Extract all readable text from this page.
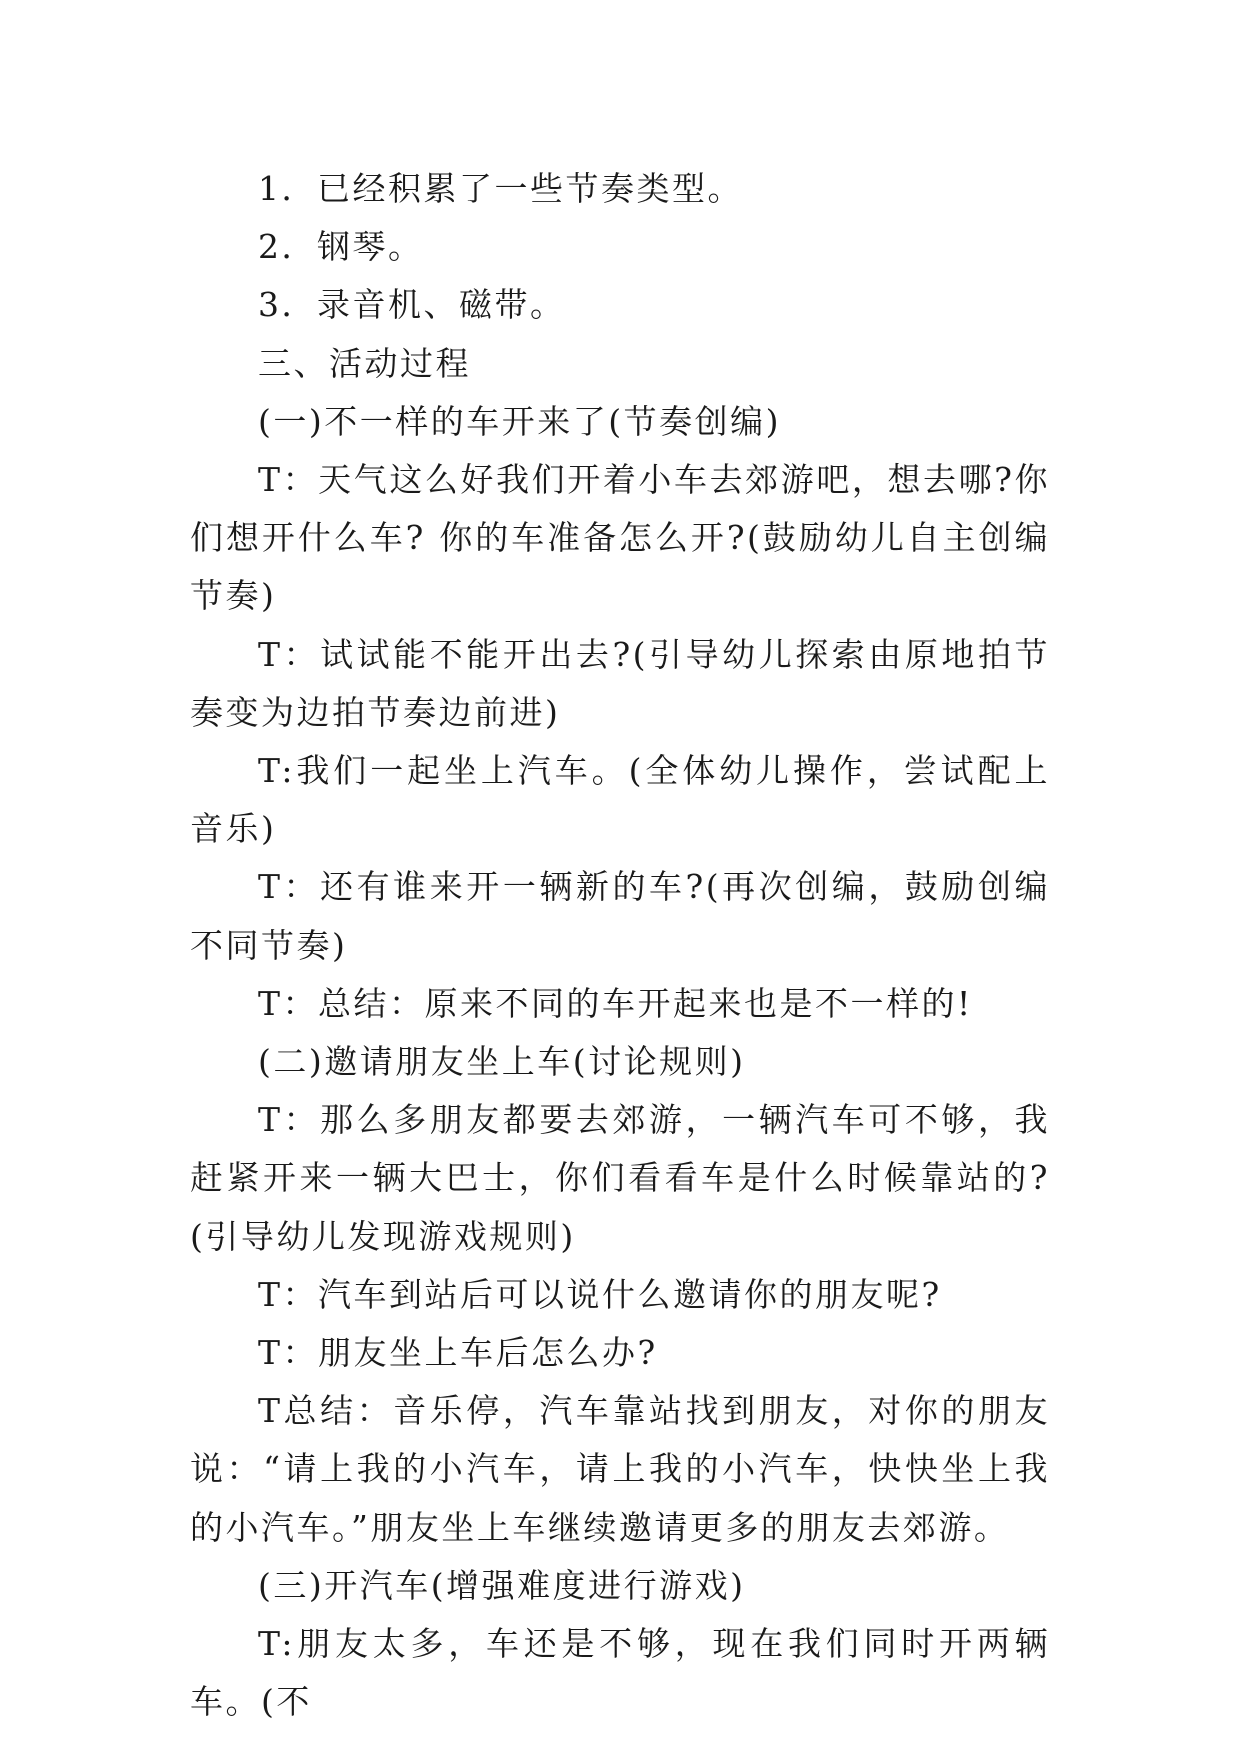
1．已经积累了一些节奏类型。

2．钢琴。

3．录音机、磁带。

三、活动过程

(一)不一样的车开来了(节奏创编)

T：天气这么好我们开着小车去郊游吧，想去哪?你们想开什么车? 你的车准备怎么开?(鼓励幼儿自主创编节奏)

T：试试能不能开出去?(引导幼儿探索由原地拍节奏变为边拍节奏边前进)

T:我们一起坐上汽车。(全体幼儿操作，尝试配上音乐)

T：还有谁来开一辆新的车?(再次创编，鼓励创编不同节奏)

T：总结：原来不同的车开起来也是不一样的!

(二)邀请朋友坐上车(讨论规则)

T：那么多朋友都要去郊游，一辆汽车可不够，我赶紧开来一辆大巴士，你们看看车是什么时候靠站的?(引导幼儿发现游戏规则)

T：汽车到站后可以说什么邀请你的朋友呢?

T：朋友坐上车后怎么办?

T总结：音乐停，汽车靠站找到朋友，对你的朋友说：“请上我的小汽车，请上我的小汽车，快快坐上我的小汽车。”朋友坐上车继续邀请更多的朋友去郊游。

(三)开汽车(增强难度进行游戏)

T:朋友太多，车还是不够，现在我们同时开两辆车。(不
